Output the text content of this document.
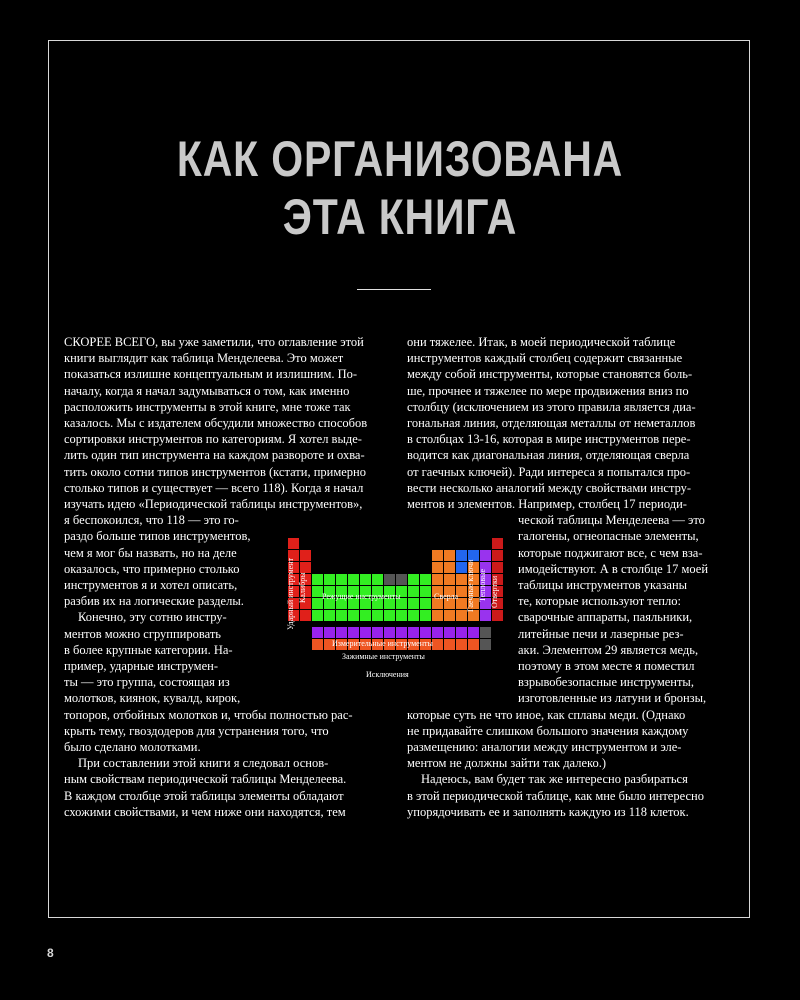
КАК ОРГАНИЗОВАНА
ЭТА КНИГА
СКОРЕЕ ВСЕГО, вы уже заметили, что оглавление этой
книги выглядит как таблица Менделеева. Это может
показаться излишне концептуальным и излишним. По-
началу, когда я начал задумываться о том, как именно
расположить инструменты в этой книге, мне тоже так
казалось. Мы с издателем обсудили множество способов
сортировки инструментов по категориям. Я хотел выде-
лить один тип инструмента на каждом развороте и охва-
тить около сотни типов инструментов (кстати, примерно
столько типов и существует — всего 118). Когда я начал
изучать идею «Периодической таблицы инструментов»,
я беспокоился, что 118 — это го-
раздо больше типов инструментов,
чем я мог бы назвать, но на деле
оказалось, что примерно столько
инструментов я и хотел описать,
разбив их на логические разделы.
Конечно, эту сотню инстру-
ментов можно сгруппировать
в более крупные категории. На-
пример, ударные инструмен-
ты — это группа, состоящая из
молотков, киянок, кувалд, кирок,
топоров, отбойных молотков и, чтобы полностью рас-
крыть тему, гвоздодеров для устранения того, что
было сделано молотками.
При составлении этой книги я следовал основ-
ным свойствам периодической таблицы Менделеева.
В каждом столбце этой таблицы элементы обладают
схожими свойствами, и чем ниже они находятся, тем
они тяжелее. Итак, в моей периодической таблице
инструментов каждый столбец содержит связанные
между собой инструменты, которые становятся боль-
ше, прочнее и тяжелее по мере продвижения вниз по
столбцу (исключением из этого правила является диа-
гональная линия, отделяющая металлы от неметаллов
в столбцах 13-16, которая в мире инструментов пере-
водится как диагональная линия, отделяющая сверла
от гаечных ключей). Ради интереса я попытался про-
вести несколько аналогий между свойствами инстру-
ментов и элементов. Например, столбец 17 периоди-
ческой таблицы Менделеева — это
галогены, огнеопасные элементы,
которые поджигают все, с чем вза-
имодействуют. А в столбце 17 моей
таблицы инструментов указаны
те, которые используют тепло:
сварочные аппараты, паяльники,
литейные печи и лазерные рез-
аки. Элементом 29 является медь,
поэтому в этом месте я поместил
взрывобезопасные инструменты,
изготовленные из латуни и бронзы,
которые суть не что иное, как сплавы меди. (Однако
не придавайте слишком большого значения каждому
размещению: аналогии между инструментом и эле-
ментом не должны зайти так далеко.)
Надеюсь, вам будет так же интересно разбираться
в этой периодической таблице, как мне было интересно
упорядочивать ее и заполнять каждую из 118 клеток.
Ударный инструмент Калибры Режущие инструменты	Сверла Гаечные ключи Тепловые Отвертки
Измерительные инструменты
Зажимные инструменты
Исключения
8
